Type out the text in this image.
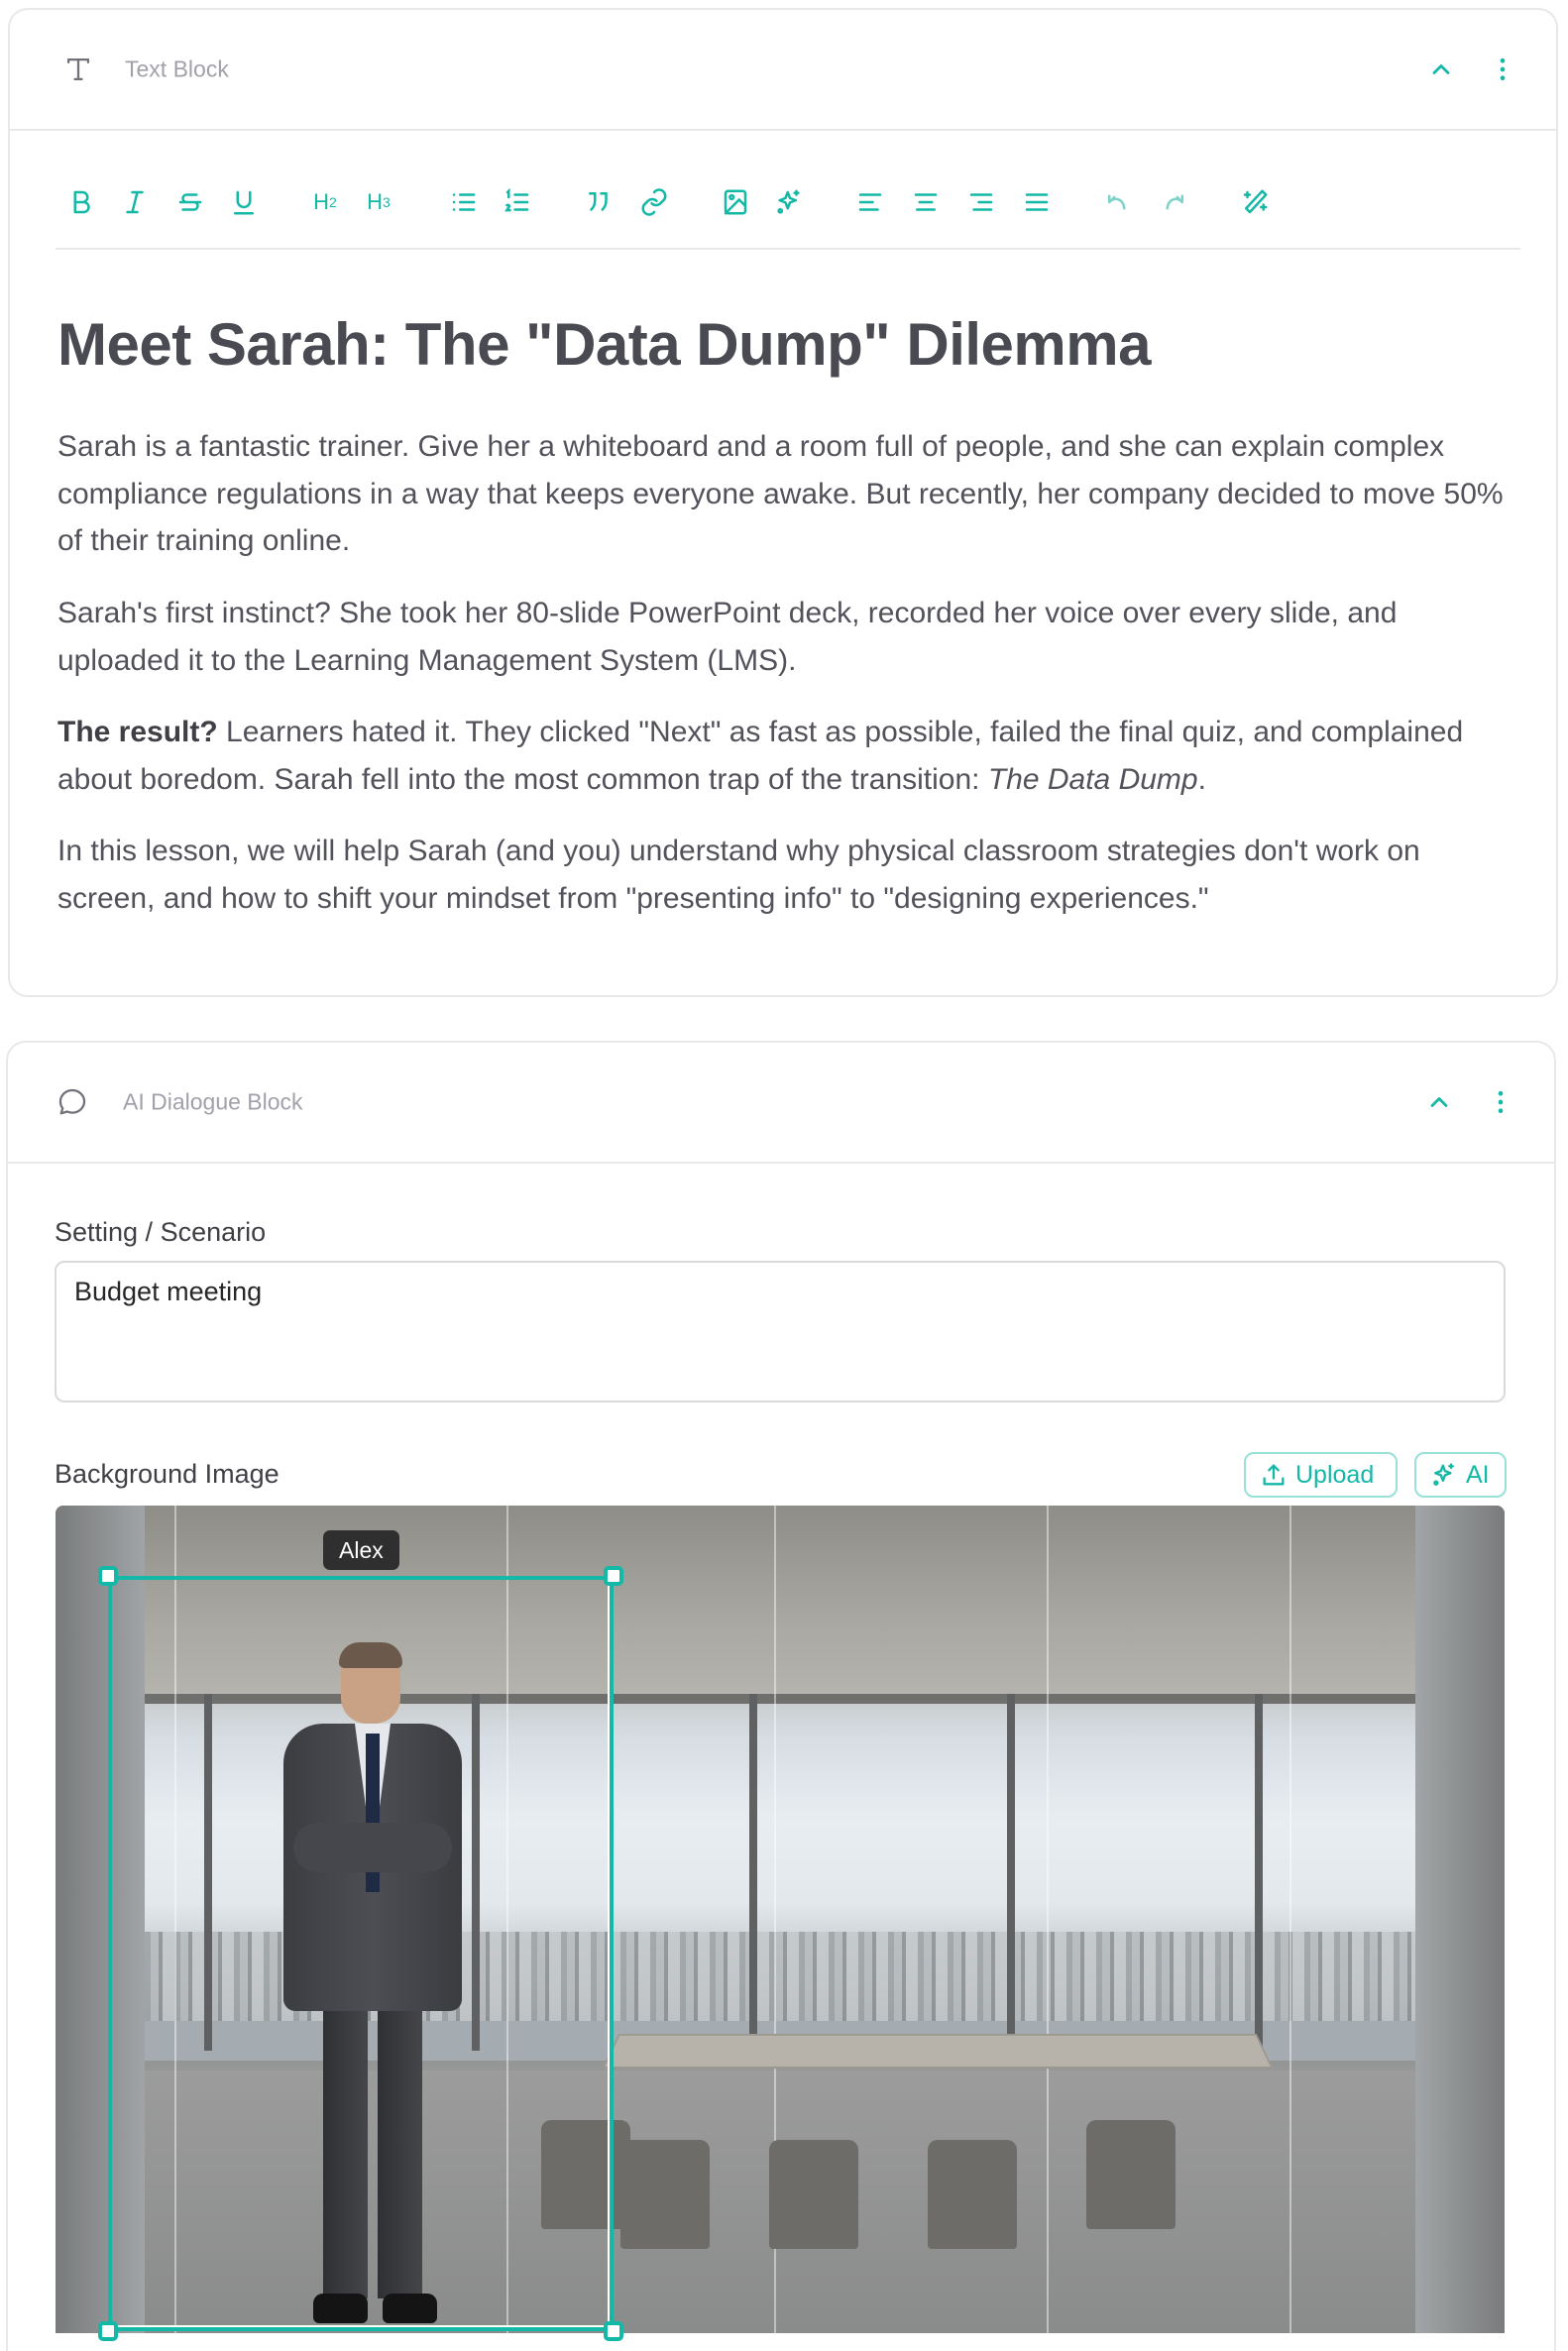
Text Block
H 2 H 3
Meet Sarah: The "Data Dump" Dilemma

Sarah is a fantastic trainer. Give her a whiteboard and a room full of people, and she can explain complex compliance regulations in a way that keeps everyone awake. But recently, her company decided to move 50% of their training online.

Sarah's first instinct? She took her 80-slide PowerPoint deck, recorded her voice over every slide, and uploaded it to the Learning Management System (LMS).

The result? Learners hated it. They clicked "Next" as fast as possible, failed the final quiz, and complained about boredom. Sarah fell into the most common trap of the transition: The Data Dump.

In this lesson, we will help Sarah (and you) understand why physical classroom strategies don't work on screen, and how to shift your mindset from "presenting info" to "designing experiences."

AI Dialogue Block
Setting / Scenario
Budget meeting
Background Image	Upload	AI
Alex
